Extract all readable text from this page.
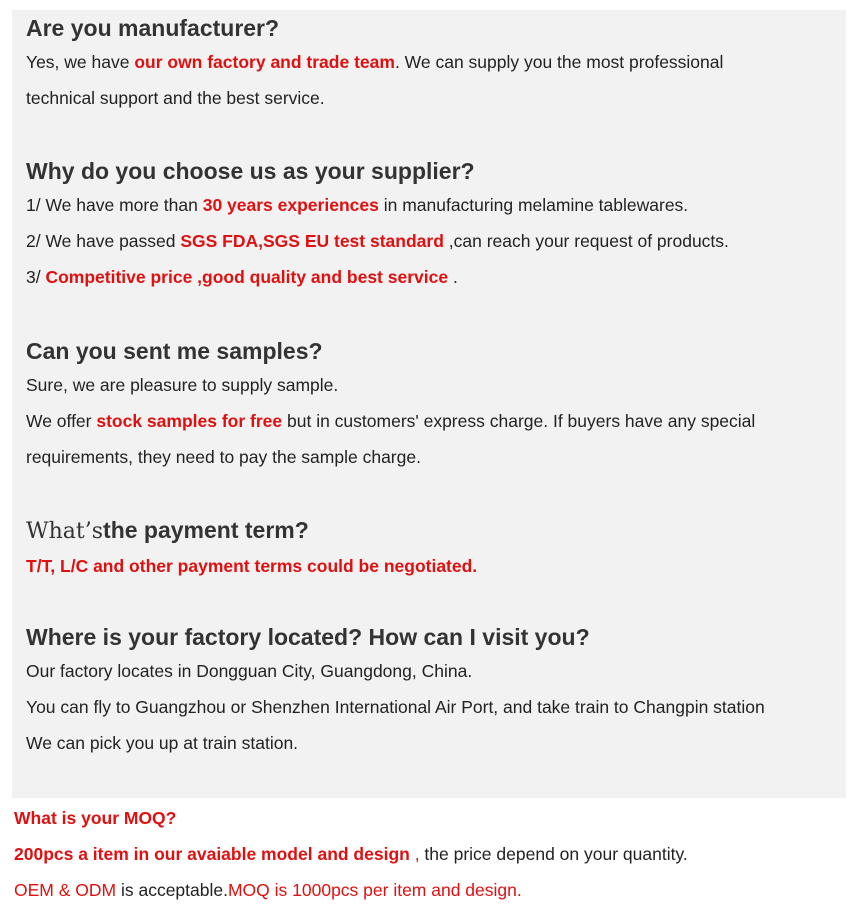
Are you manufacturer?
Yes, we have our own factory and trade team. We can supply you the most professional
technical support and the best service.
Why do you choose us as your supplier?
1/ We have more than 30 years experiences in manufacturing melamine tablewares.
2/ We have passed SGS FDA,SGS EU test standard ,can reach your request of products.
3/ Competitive price ,good quality and best service .
Can you sent me samples?
Sure, we are pleasure to supply sample.
We offer stock samples for free but in customers' express charge. If buyers have any special
requirements, they need to pay the sample charge.
What’sthe payment term?
T/T, L/C and other payment terms could be negotiated.
Where is your factory located? How can I visit you?
Our factory locates in Dongguan City, Guangdong, China.
You can fly to Guangzhou or Shenzhen International Air Port, and take train to Changpin station
We can pick you up at train station.
What is your MOQ?
200pcs a item in our avaiable model and design , the price depend on your quantity.
OEM & ODM is acceptable.MOQ is 1000pcs per item and design.
